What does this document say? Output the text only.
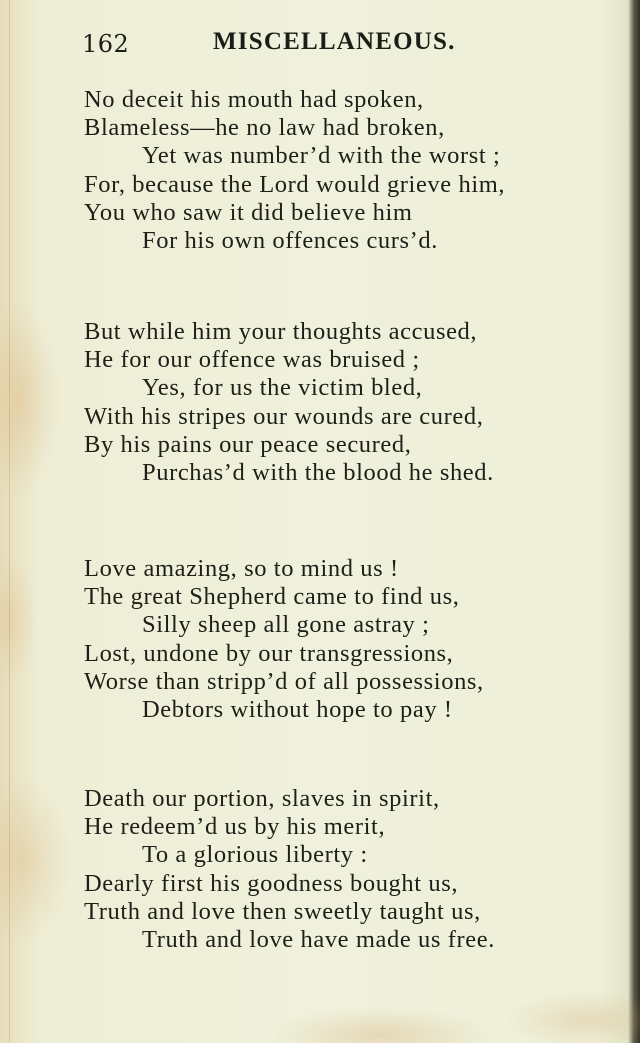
162	MISCELLANEOUS.
No deceit his mouth had spoken,
Blameless—he no law had broken,
Yet was number’d with the worst ;
For, because the Lord would grieve him,
You who saw it did believe him
For his own offences curs’d.
But while him your thoughts accused,
He for our offence was bruised ;
Yes, for us the victim bled,
With his stripes our wounds are cured,
By his pains our peace secured,
Purchas’d with the blood he shed.
Love amazing, so to mind us !
The great Shepherd came to find us,
Silly sheep all gone astray ;
Lost, undone by our transgressions,
Worse than stripp’d of all possessions,
Debtors without hope to pay !
Death our portion, slaves in spirit,
He redeem’d us by his merit,
To a glorious liberty :
Dearly first his goodness bought us,
Truth and love then sweetly taught us,
Truth and love have made us free.
